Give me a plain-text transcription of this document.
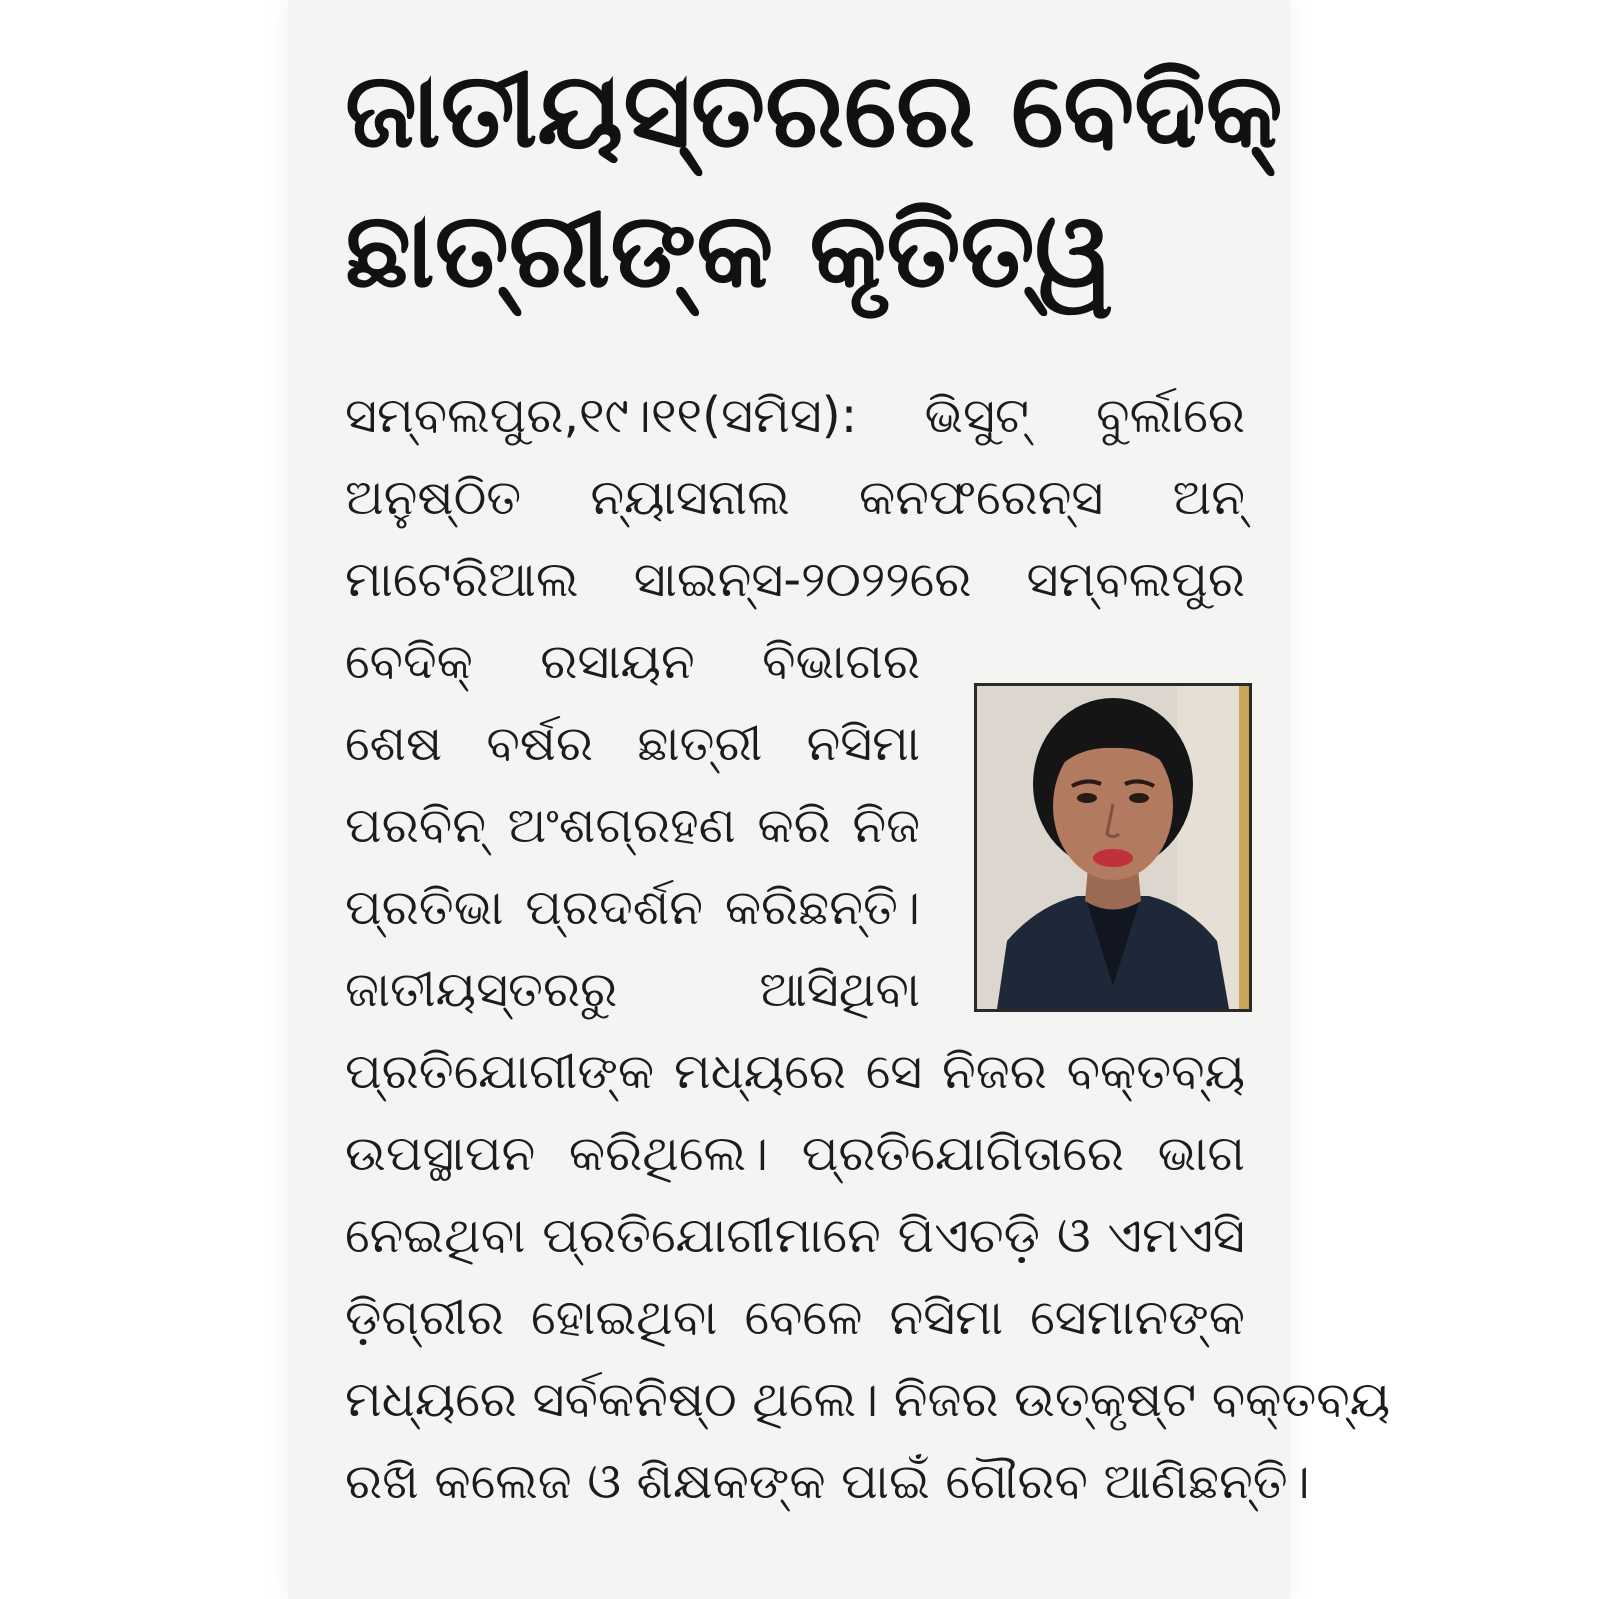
ଜାତୀୟସ୍ତରରେ ବେଦିକ୍
ଛାତ୍ରୀଙ୍କ କୃତିତ୍ୱ
ସମ୍ବଲପୁର,୧୯।୧୧(ସମିସ): ଭିସୁଟ୍ ବୁର୍ଲାରେ
ଅନୁଷ୍ଠିତ ନ୍ୟାସନାଲ କନଫରେନ୍ସ ଅନ୍
ମାଟେରିଆଲ ସାଇନ୍ସ-୨୦୨୨ରେ ସମ୍ବଲପୁର
ବେଦିକ୍ ରସାୟନ ବିଭାଗର
ଶେଷ ବର୍ଷର ଛାତ୍ରୀ ନସିମା
ପରବିନ୍ ଅଂଶଗ୍ରହଣ କରି ନିଜ
ପ୍ରତିଭା ପ୍ରଦର୍ଶନ କରିଛନ୍ତି।
ଜାତୀୟସ୍ତରରୁ ଆସିଥିବା
ପ୍ରତିଯୋଗୀଙ୍କ ମଧ୍ୟରେ ସେ ନିଜର ବକ୍ତବ୍ୟ
ଉପସ୍ଥାପନ କରିଥିଲେ। ପ୍ରତିଯୋଗିତାରେ ଭାଗ
ନେଇଥିବା ପ୍ରତିଯୋଗୀମାନେ ପିଏଚଡ଼ି ଓ ଏମଏସି
ଡ଼ିଗ୍ରୀର ହୋଇଥିବା ବେଳେ ନସିମା ସେମାନଙ୍କ
ମଧ୍ୟରେ ସର୍ବକନିଷ୍ଠ ଥିଲେ। ନିଜର ଉତ୍କୃଷ୍ଟ ବକ୍ତବ୍ୟ
ରଖି କଲେଜ ଓ ଶିକ୍ଷକଙ୍କ ପାଇଁ ଗୌରବ ଆଣିଛନ୍ତି।
